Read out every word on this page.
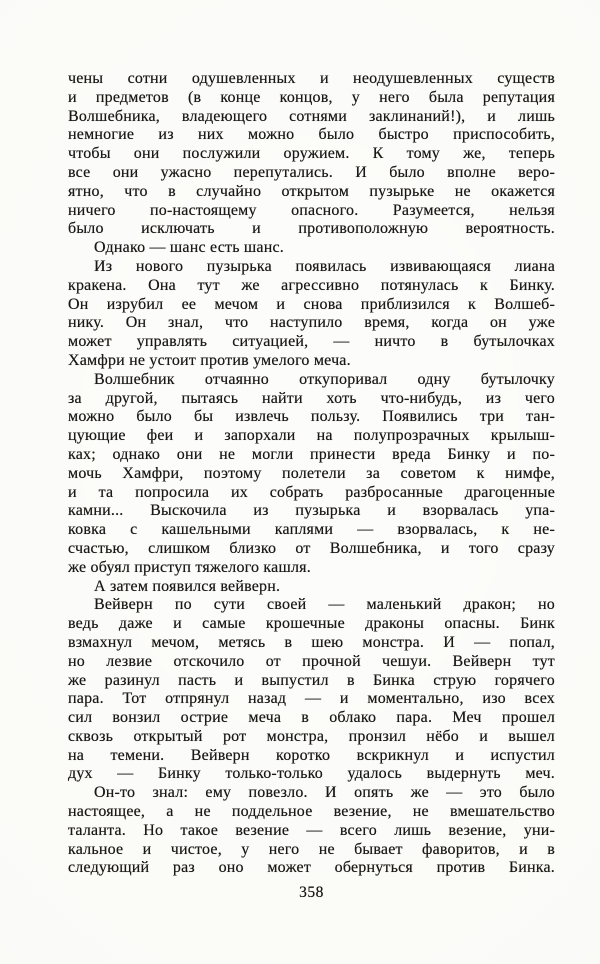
чены сотни одушевленных и неодушевленных существ
и предметов (в конце концов, у него была репутация
Волшебника, владеющего сотнями заклинаний!), и лишь
немногие из них можно было быстро приспособить,
чтобы они послужили оружием. К тому же, теперь
все они ужасно перепутались. И было вполне веро-
ятно, что в случайно открытом пузырьке не окажется
ничего по-настоящему опасного. Разумеется, нельзя
было исключать и противоположную вероятность.
Однако — шанс есть шанс.
Из нового пузырька появилась извивающаяся лиана
кракена. Она тут же агрессивно потянулась к Бинку.
Он изрубил ее мечом и снова приблизился к Волшеб-
нику. Он знал, что наступило время, когда он уже
может управлять ситуацией, — ничто в бутылочках
Хамфри не устоит против умелого меча.
Волшебник отчаянно откупоривал одну бутылочку
за другой, пытаясь найти хоть что-нибудь, из чего
можно было бы извлечь пользу. Появились три тан-
цующие феи и запорхали на полупрозрачных крылыш-
ках; однако они не могли принести вреда Бинку и по-
мочь Хамфри, поэтому полетели за советом к нимфе,
и та попросила их собрать разбросанные драгоценные
камни... Выскочила из пузырька и взорвалась упа-
ковка с кашельными каплями — взорвалась, к не-
счастью, слишком близко от Волшебника, и того сразу
же обуял приступ тяжелого кашля.
А затем появился вейверн.
Вейверн по сути своей — маленький дракон; но
ведь даже и самые крошечные драконы опасны. Бинк
взмахнул мечом, метясь в шею монстра. И — попал,
но лезвие отскочило от прочной чешуи. Вейверн тут
же разинул пасть и выпустил в Бинка струю горячего
пара. Тот отпрянул назад — и моментально, изо всех
сил вонзил острие меча в облако пара. Меч прошел
сквозь открытый рот монстра, пронзил нёбо и вышел
на темени. Вейверн коротко вскрикнул и испустил
дух — Бинку только-только удалось выдернуть меч.
Он-то знал: ему повезло. И опять же — это было
настоящее, а не поддельное везение, не вмешательство
таланта. Но такое везение — всего лишь везение, уни-
кальное и чистое, у него не бывает фаворитов, и в
следующий раз оно может обернуться против Бинка.
358
